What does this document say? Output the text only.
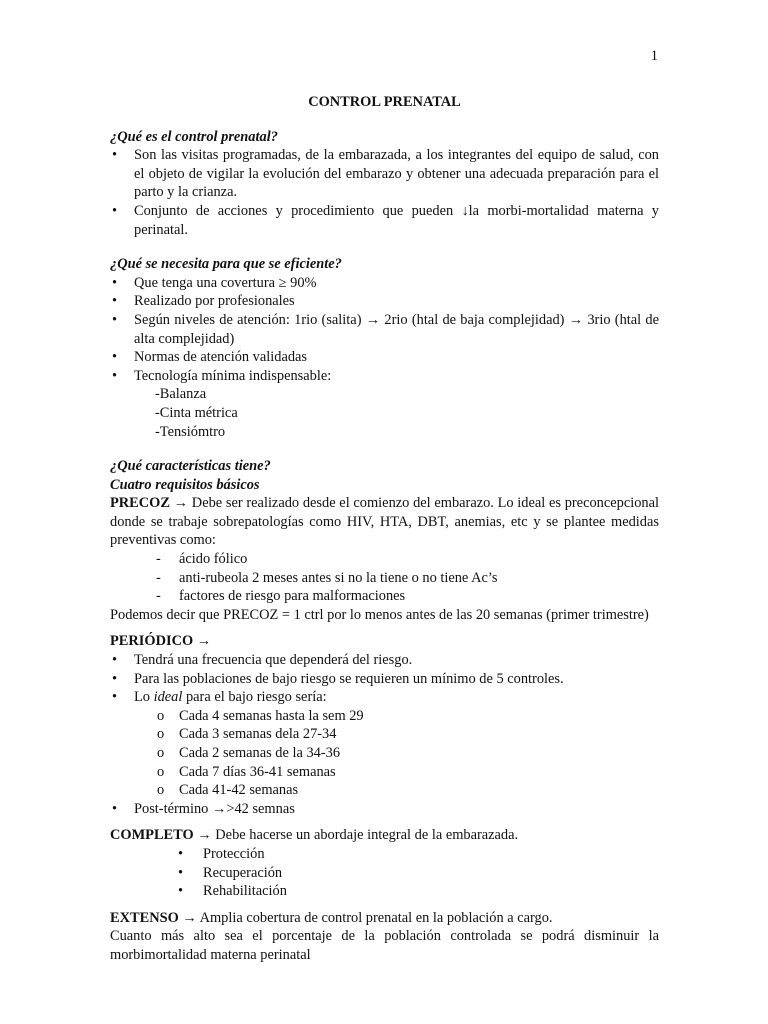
1
CONTROL PRENATAL
¿Qué es el control prenatal?
• Son las visitas programadas, de la embarazada, a los integrantes del equipo de salud, con el objeto de vigilar la evolución del embarazo y obtener una adecuada preparación para el parto y la crianza.
• Conjunto de acciones y procedimiento que pueden ↓la morbi-mortalidad materna y perinatal.
¿Qué se necesita para que se eficiente?
• Que tenga una covertura ≥ 90%
• Realizado por profesionales
• Según niveles de atención: 1rio (salita) → 2rio (htal de baja complejidad) → 3rio (htal de alta complejidad)
• Normas de atención validadas
• Tecnología mínima indispensable:
-Balanza
-Cinta métrica
-Tensiómtro
¿Qué características tiene?
Cuatro requisitos básicos
PRECOZ → Debe ser realizado desde el comienzo del embarazo. Lo ideal es preconcepcional donde se trabaje sobrepatologías como HIV, HTA, DBT, anemias, etc y se plantee medidas preventivas como:
- ácido fólico
- anti-rubeola 2 meses antes si no la tiene o no tiene Ac’s
- factores de riesgo para malformaciones
Podemos decir que PRECOZ = 1 ctrl por lo menos antes de las 20 semanas (primer trimestre)
PERIÓDICO →
• Tendrá una frecuencia que dependerá del riesgo.
• Para las poblaciones de bajo riesgo se requieren un mínimo de 5 controles.
• Lo ideal para el bajo riesgo sería:
o Cada 4 semanas hasta la sem 29
o Cada 3 semanas dela 27-34
o Cada 2 semanas de la 34-36
o Cada 7 días 36-41 semanas
o Cada 41-42 semanas
• Post-término →>42 semnas
COMPLETO → Debe hacerse un abordaje integral de la embarazada.
• Protección
• Recuperación
• Rehabilitación
EXTENSO → Amplia cobertura de control prenatal en la población a cargo.
Cuanto más alto sea el porcentaje de la población controlada se podrá disminuir la morbimortalidad materna perinatal
